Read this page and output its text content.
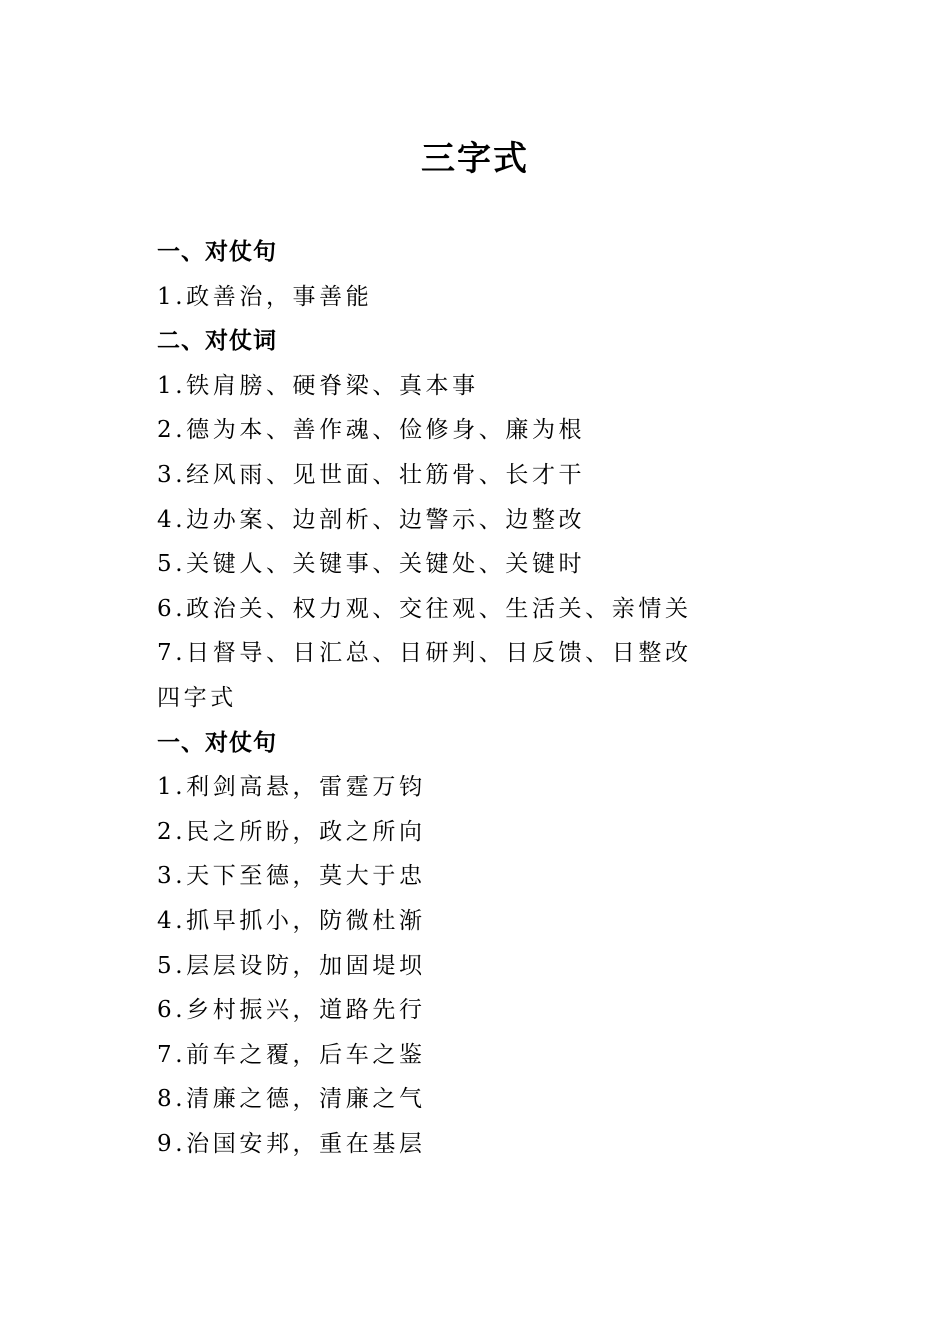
三字式
一、对仗句
1.政善治，事善能
二、对仗词
1.铁肩膀、硬脊梁、真本事
2.德为本、善作魂、俭修身、廉为根
3.经风雨、见世面、壮筋骨、长才干
4.边办案、边剖析、边警示、边整改
5.关键人、关键事、关键处、关键时
6.政治关、权力观、交往观、生活关、亲情关
7.日督导、日汇总、日研判、日反馈、日整改
四字式
一、对仗句
1.利剑高悬，雷霆万钧
2.民之所盼，政之所向
3.天下至德，莫大于忠
4.抓早抓小，防微杜渐
5.层层设防，加固堤坝
6.乡村振兴，道路先行
7.前车之覆，后车之鉴
8.清廉之德，清廉之气
9.治国安邦，重在基层
